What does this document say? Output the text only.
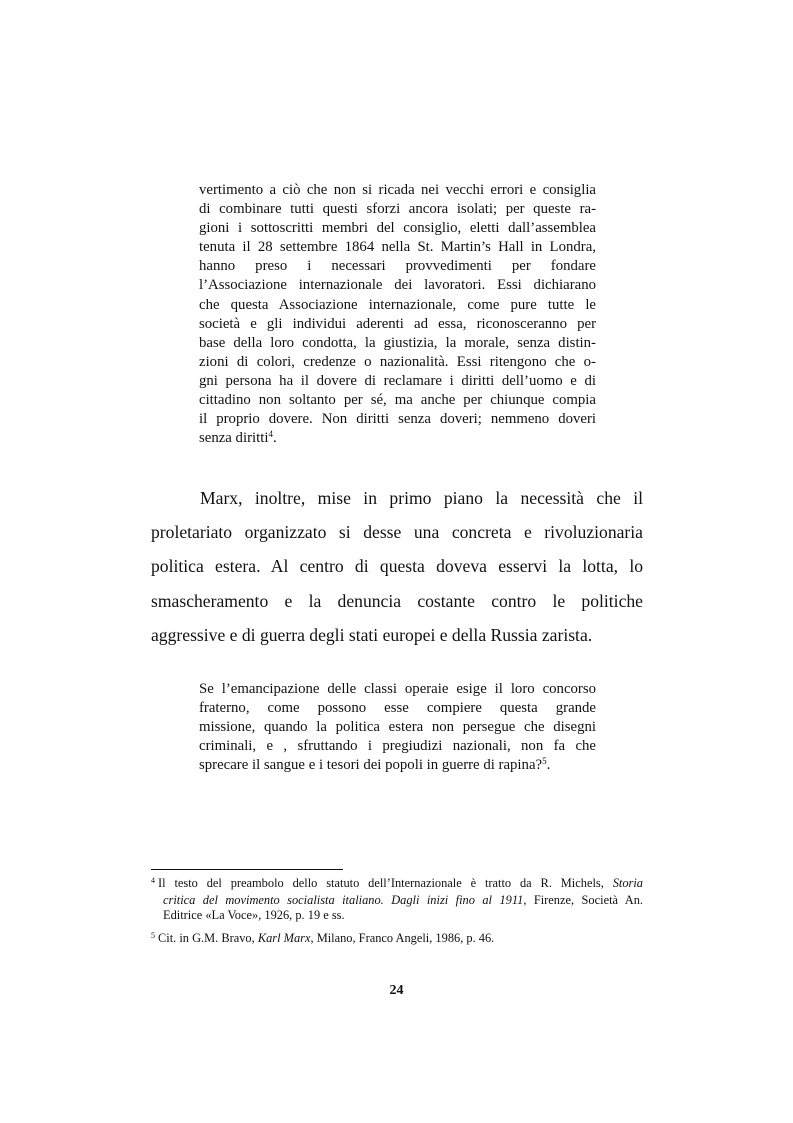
vertimento a ciò che non si ricada nei vecchi errori e consiglia
di combinare tutti questi sforzi ancora isolati; per queste ra-
gioni i sottoscritti membri del consiglio, eletti dall’assemblea
tenuta il 28 settembre 1864 nella St. Martin’s Hall in Londra,
hanno preso i necessari provvedimenti per fondare
l’Associazione internazionale dei lavoratori. Essi dichiarano
che questa Associazione internazionale, come pure tutte le
società e gli individui aderenti ad essa, riconosceranno per
base della loro condotta, la giustizia, la morale, senza distin-
zioni di colori, credenze o nazionalità. Essi ritengono che o-
gni persona ha il dovere di reclamare i diritti dell’uomo e di
cittadino non soltanto per sé, ma anche per chiunque compia
il proprio dovere. Non diritti senza doveri; nemmeno doveri
senza diritti$^4$.
Marx, inoltre, mise in primo piano la necessità che il
proletariato organizzato si desse una concreta e rivoluzionaria
politica estera. Al centro di questa doveva esservi la lotta, lo
smascheramento e la denuncia costante contro le politiche
aggressive e di guerra degli stati europei e della Russia zarista.
Se l’emancipazione delle classi operaie esige il loro concorso
fraterno, come possono esse compiere questa grande
missione, quando la politica estera non persegue che disegni
criminali, e , sfruttando i pregiudizi nazionali, non fa che
sprecare il sangue e i tesori dei popoli in guerre di rapina?$^5$.
$^4$ Il testo del preambolo dello statuto dell’Internazionale è tratto da R. Michels, Storia
critica del movimento socialista italiano. Dagli inizi fino al 1911, Firenze, Società An.
Editrice «La Voce», 1926, p. 19 e ss.
$^5$ Cit. in G.M. Bravo, Karl Marx, Milano, Franco Angeli, 1986, p. 46.
24
